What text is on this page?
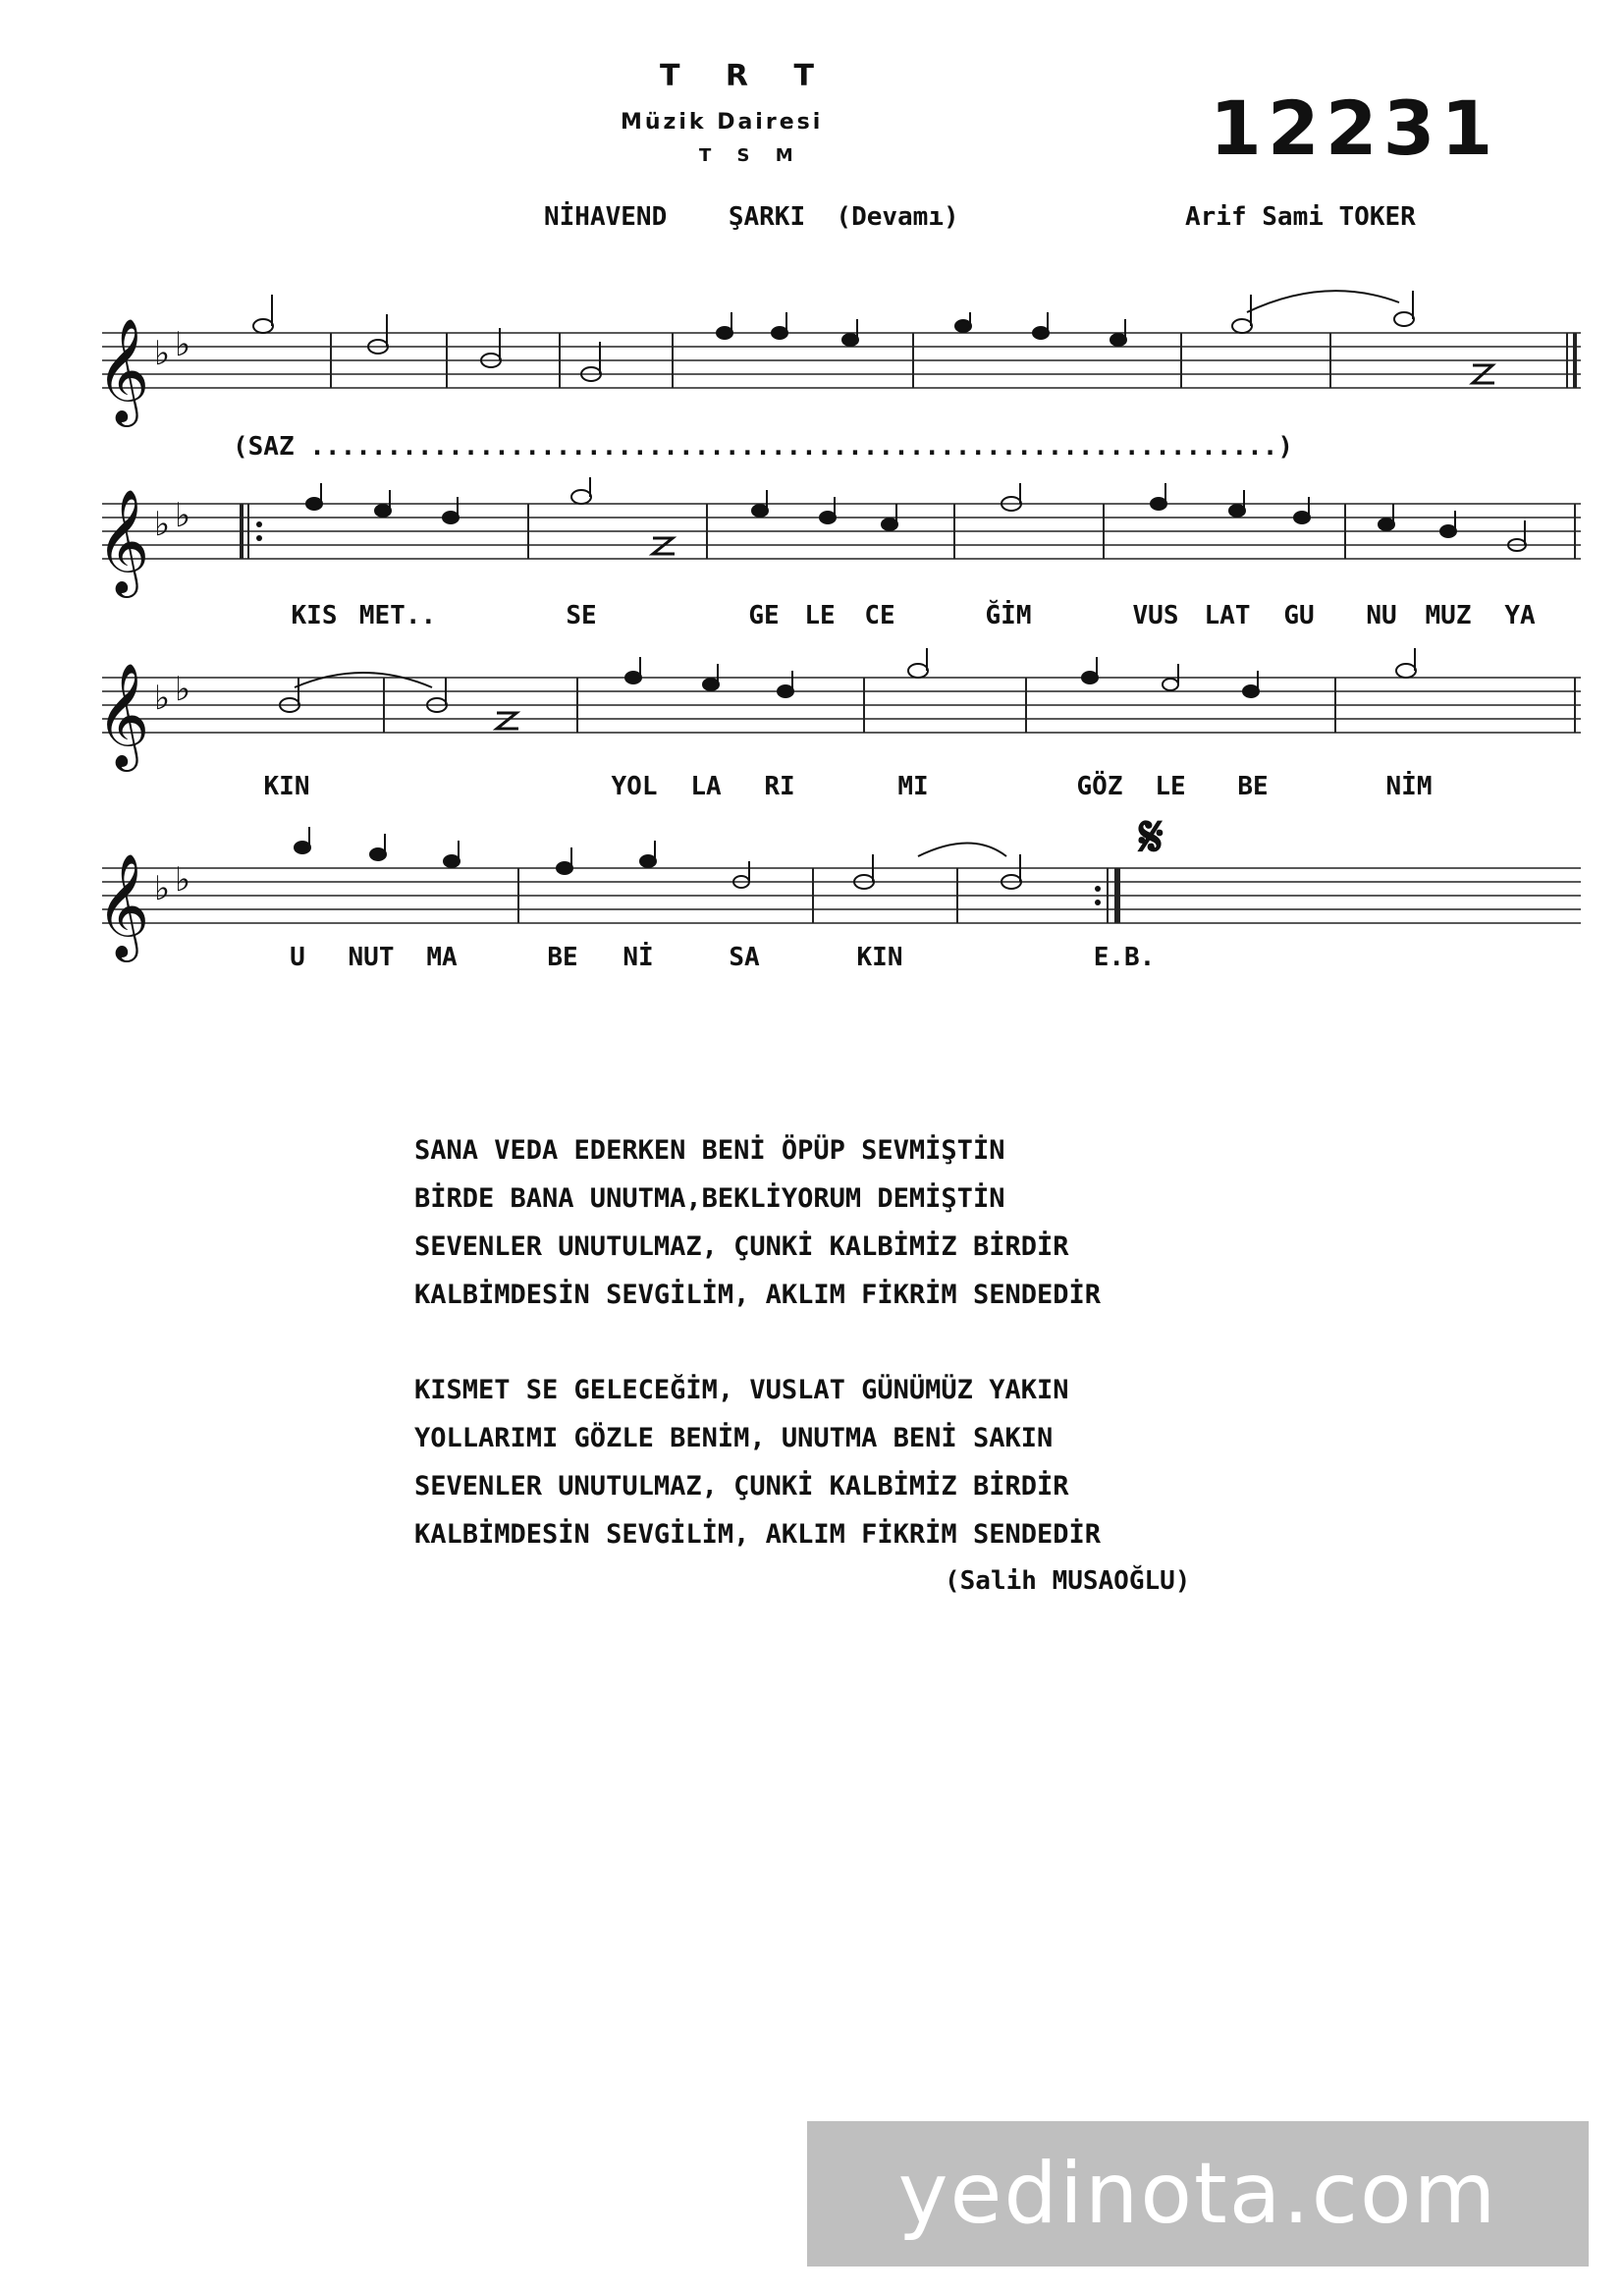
T R T
Müzik Dairesi
T S M	12231
NİHAVEND    ŞARKI  (Devamı)	Arif Sami TOKER
𝄞
𝄞
𝄞
𝄞
♭ ♭
♭ ♭
♭ ♭
♭ ♭
𝄋
(SAZ ...............................................................)
KIS MET..	SE	GE LE CE	ĞİM	VUS LAT GU NU MUZ YA
KIN	YOL LA RI	MI	GÖZ LE BE	NİM
U NUT MA	BE Nİ	SA	KIN	E.B.
SANA VEDA EDERKEN BENİ ÖPÜP SEVMİŞTİN
BİRDE BANA UNUTMA,BEKLİYORUM DEMİŞTİN
SEVENLER UNUTULMAZ, ÇUNKİ KALBİMİZ BİRDİR
KALBİMDESİN SEVGİLİM, AKLIM FİKRİM SENDEDİR
KISMET SE GELECEĞİM, VUSLAT GÜNÜMÜZ YAKIN
YOLLARIMI GÖZLE BENİM, UNUTMA BENİ SAKIN
SEVENLER UNUTULMAZ, ÇUNKİ KALBİMİZ BİRDİR
KALBİMDESİN SEVGİLİM, AKLIM FİKRİM SENDEDİR
(Salih MUSAOĞLU)
yedinota.com
